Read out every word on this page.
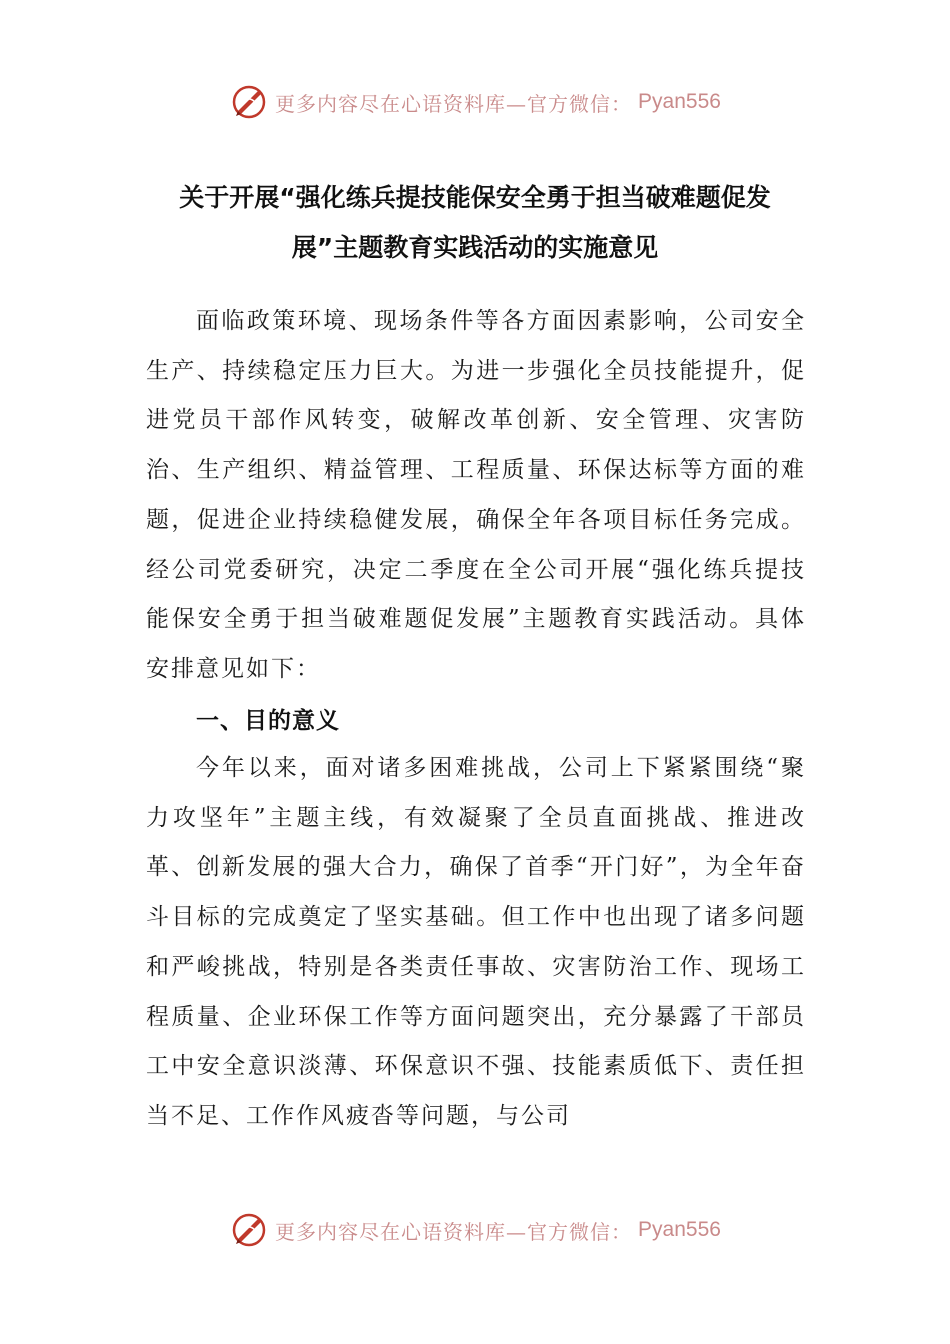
更多内容尽在心语资料库—官方微信： Pyan556
关于开展“强化练兵提技能保安全勇于担当破难题促发
展”主题教育实践活动的实施意见

面临政策环境、现场条件等各方面因素影响，公司安全生产、持续稳定压力巨大。为进一步强化全员技能提升，促进党员干部作风转变，破解改革创新、安全管理、灾害防治、生产组织、精益管理、工程质量、环保达标等方面的难题，促进企业持续稳健发展，确保全年各项目标任务完成。经公司党委研究，决定二季度在全公司开展“强化练兵提技能保安全勇于担当破难题促发展”主题教育实践活动。具体安排意见如下：

一、目的意义

今年以来，面对诸多困难挑战，公司上下紧紧围绕“聚力攻坚年”主题主线，有效凝聚了全员直面挑战、推进改革、创新发展的强大合力，确保了首季“开门好”，为全年奋斗目标的完成奠定了坚实基础。但工作中也出现了诸多问题和严峻挑战，特别是各类责任事故、灾害防治工作、现场工程质量、企业环保工作等方面问题突出，充分暴露了干部员工中安全意识淡薄、环保意识不强、技能素质低下、责任担当不足、工作作风疲沓等问题，与公司

更多内容尽在心语资料库—官方微信： Pyan556
